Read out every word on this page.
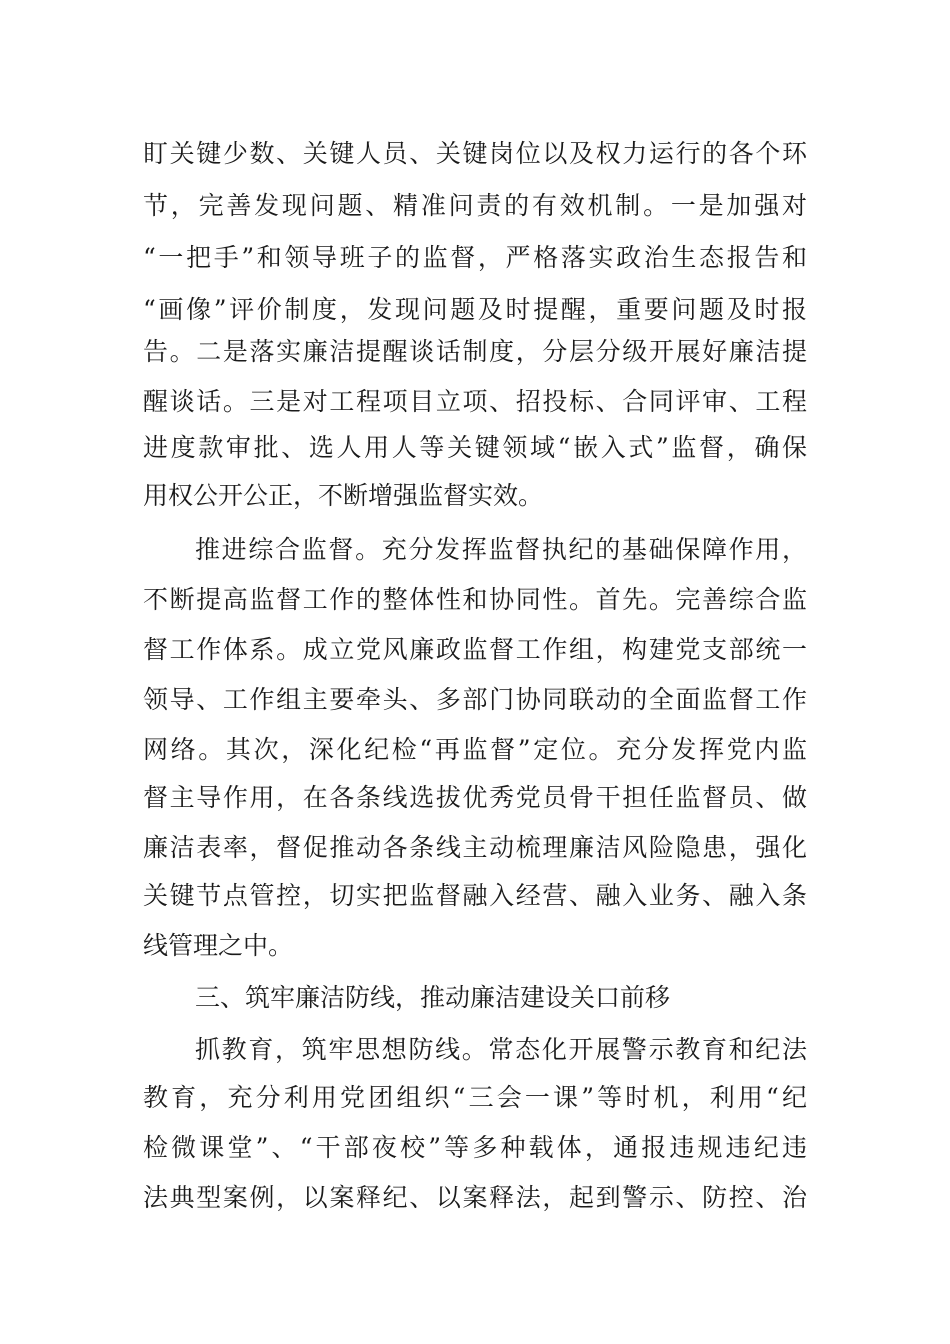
盯关键少数、关键人员、关键岗位以及权力运行的各个环
节，完善发现问题、精准问责的有效机制。一是加强对
“一把手”和领导班子的监督，严格落实政治生态报告和
“画像”评价制度，发现问题及时提醒，重要问题及时报
告。二是落实廉洁提醒谈话制度，分层分级开展好廉洁提
醒谈话。三是对工程项目立项、招投标、合同评审、工程
进度款审批、选人用人等关键领域“嵌入式”监督，确保
用权公开公正，不断增强监督实效。
推进综合监督。充分发挥监督执纪的基础保障作用，
不断提高监督工作的整体性和协同性。首先。完善综合监
督工作体系。成立党风廉政监督工作组，构建党支部统一
领导、工作组主要牵头、多部门协同联动的全面监督工作
网络。其次，深化纪检“再监督”定位。充分发挥党内监
督主导作用，在各条线选拔优秀党员骨干担任监督员、做
廉洁表率，督促推动各条线主动梳理廉洁风险隐患，强化
关键节点管控，切实把监督融入经营、融入业务、融入条
线管理之中。
三、筑牢廉洁防线，推动廉洁建设关口前移
抓教育，筑牢思想防线。常态化开展警示教育和纪法
教育，充分利用党团组织“三会一课”等时机，利用“纪
检微课堂”、“干部夜校”等多种载体，通报违规违纪违
法典型案例，以案释纪、以案释法，起到警示、防控、治
